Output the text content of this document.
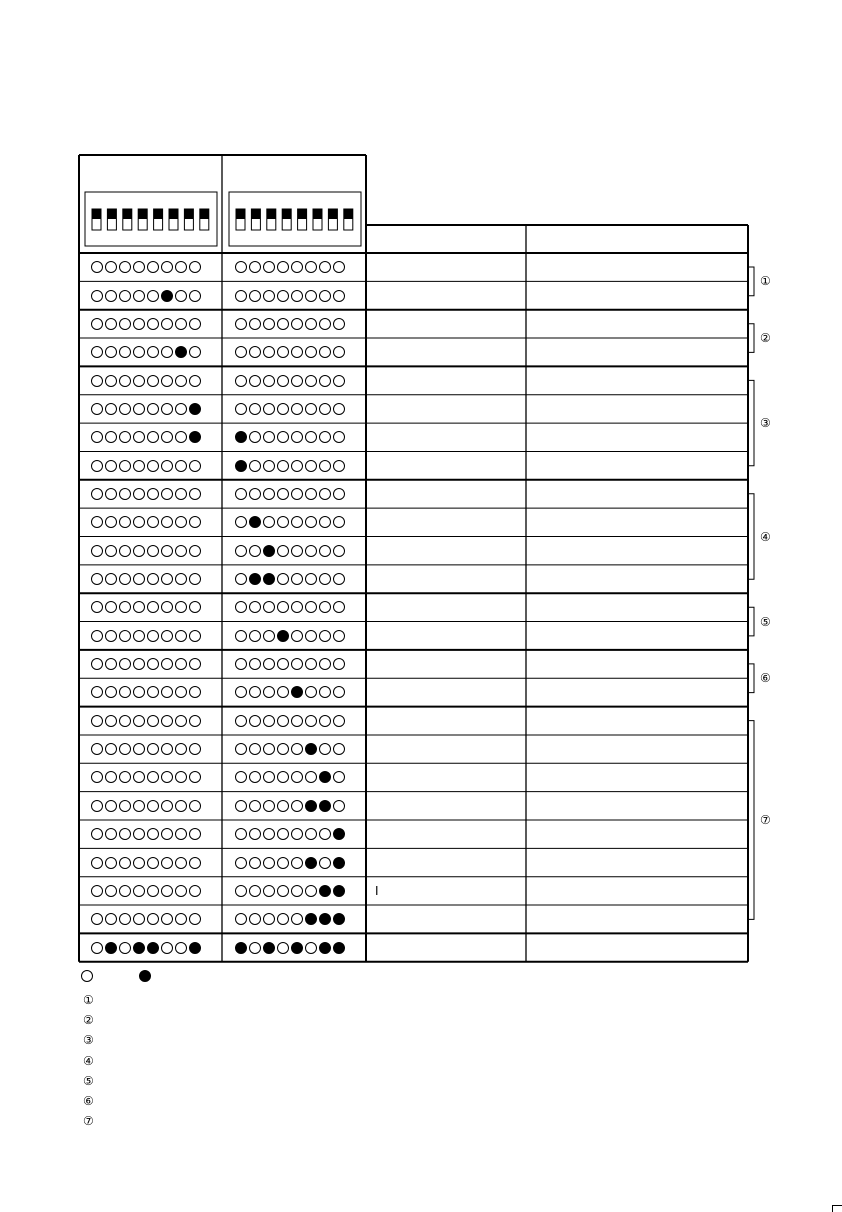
①
②
③
④
⑤
⑥
I
⑦
①
②
③
④
⑤
⑥
⑦
